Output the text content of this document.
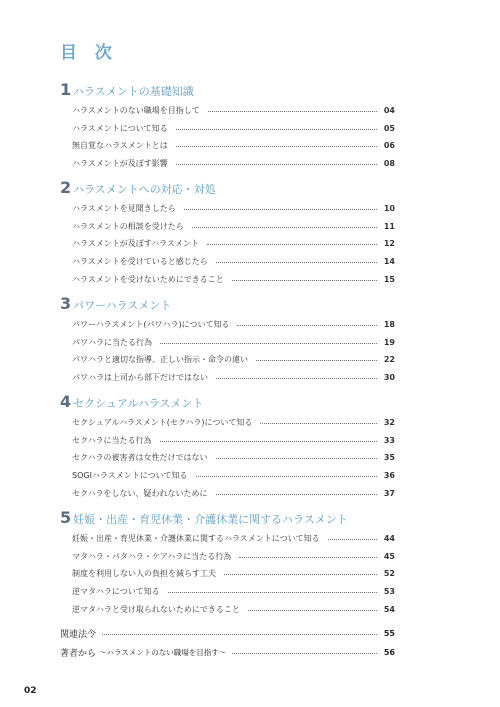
目 次
1 ハラスメントの基礎知識
ハラスメントのない職場を目指して	04
ハラスメントについて知る	05
無自覚なハラスメントとは	06
ハラスメントが及ぼす影響	08
2 ハラスメントへの対応・対処
ハラスメントを見聞きしたら	10
ハラスメントの相談を受けたら	11
ハラスメントが及ぼすハラスメント	12
ハラスメントを受けていると感じたら	14
ハラスメントを受けないためにできること	15
3 パワーハラスメント
パワーハラスメント(パワハラ)について知る	18
パワハラに当たる行為	19
パワハラと適切な指導、正しい指示・命令の違い	22
パワハラは上司から部下だけではない	30
4 セクシュアルハラスメント
セクシュアルハラスメント(セクハラ)について知る	32
セクハラに当たる行為	33
セクハラの被害者は女性だけではない	35
SOGIハラスメントについて知る	36
セクハラをしない、疑われないために	37
5 妊娠・出産・育児休業・介護休業に関するハラスメント
妊娠・出産・育児休業・介護休業に関するハラスメントについて知る	44
マタハラ・パタハラ・ケアハラに当たる行為	45
制度を利用しない人の負担を減らす工夫	52
逆マタハラについて知る	53
逆マタハラと受け取られないためにできること	54
関連法令	55
著者から ～ハラスメントのない職場を目指す～	56
02
